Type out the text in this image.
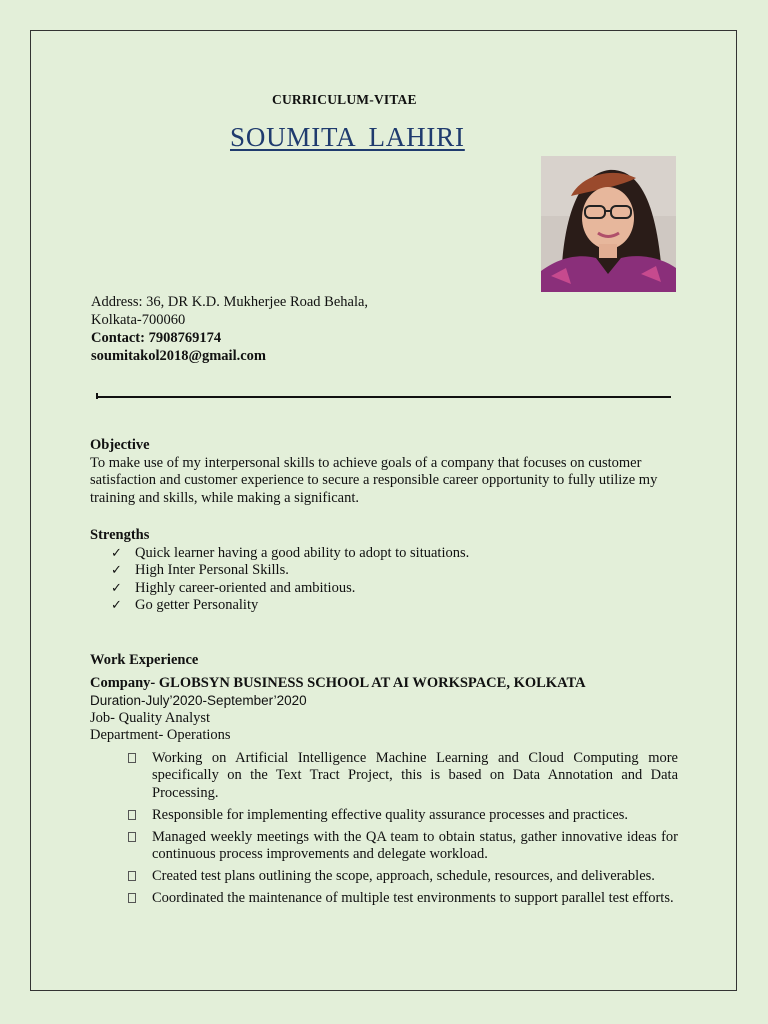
CURRICULUM-VITAE
SOUMITA LAHIRI
Address: 36, DR K.D. Mukherjee Road Behala,
Kolkata-700060
Contact: 7908769174
soumitakol2018@gmail.com
Objective

To make use of my interpersonal skills to achieve goals of a company that focuses on customer satisfaction and customer experience to secure a responsible career opportunity to fully utilize my training and skills, while making a significant.

Strengths
✓ Quick learner having a good ability to adopt to situations.
✓ High Inter Personal Skills.
✓ Highly career-oriented and ambitious.
✓ Go getter Personality
Work Experience
Company- GLOBSYN BUSINESS SCHOOL AT AI WORKSPACE, KOLKATA
Duration-July’2020-September’2020
Job- Quality Analyst
Department- Operations
Working on Artificial Intelligence Machine Learning and Cloud Computing more specifically on the Text Tract Project, this is based on Data Annotation and Data Processing.
Responsible for implementing effective quality assurance processes and practices.
Managed weekly meetings with the QA team to obtain status, gather innovative ideas for continuous process improvements and delegate workload.
Created test plans outlining the scope, approach, schedule, resources, and deliverables.
Coordinated the maintenance of multiple test environments to support parallel test efforts.
